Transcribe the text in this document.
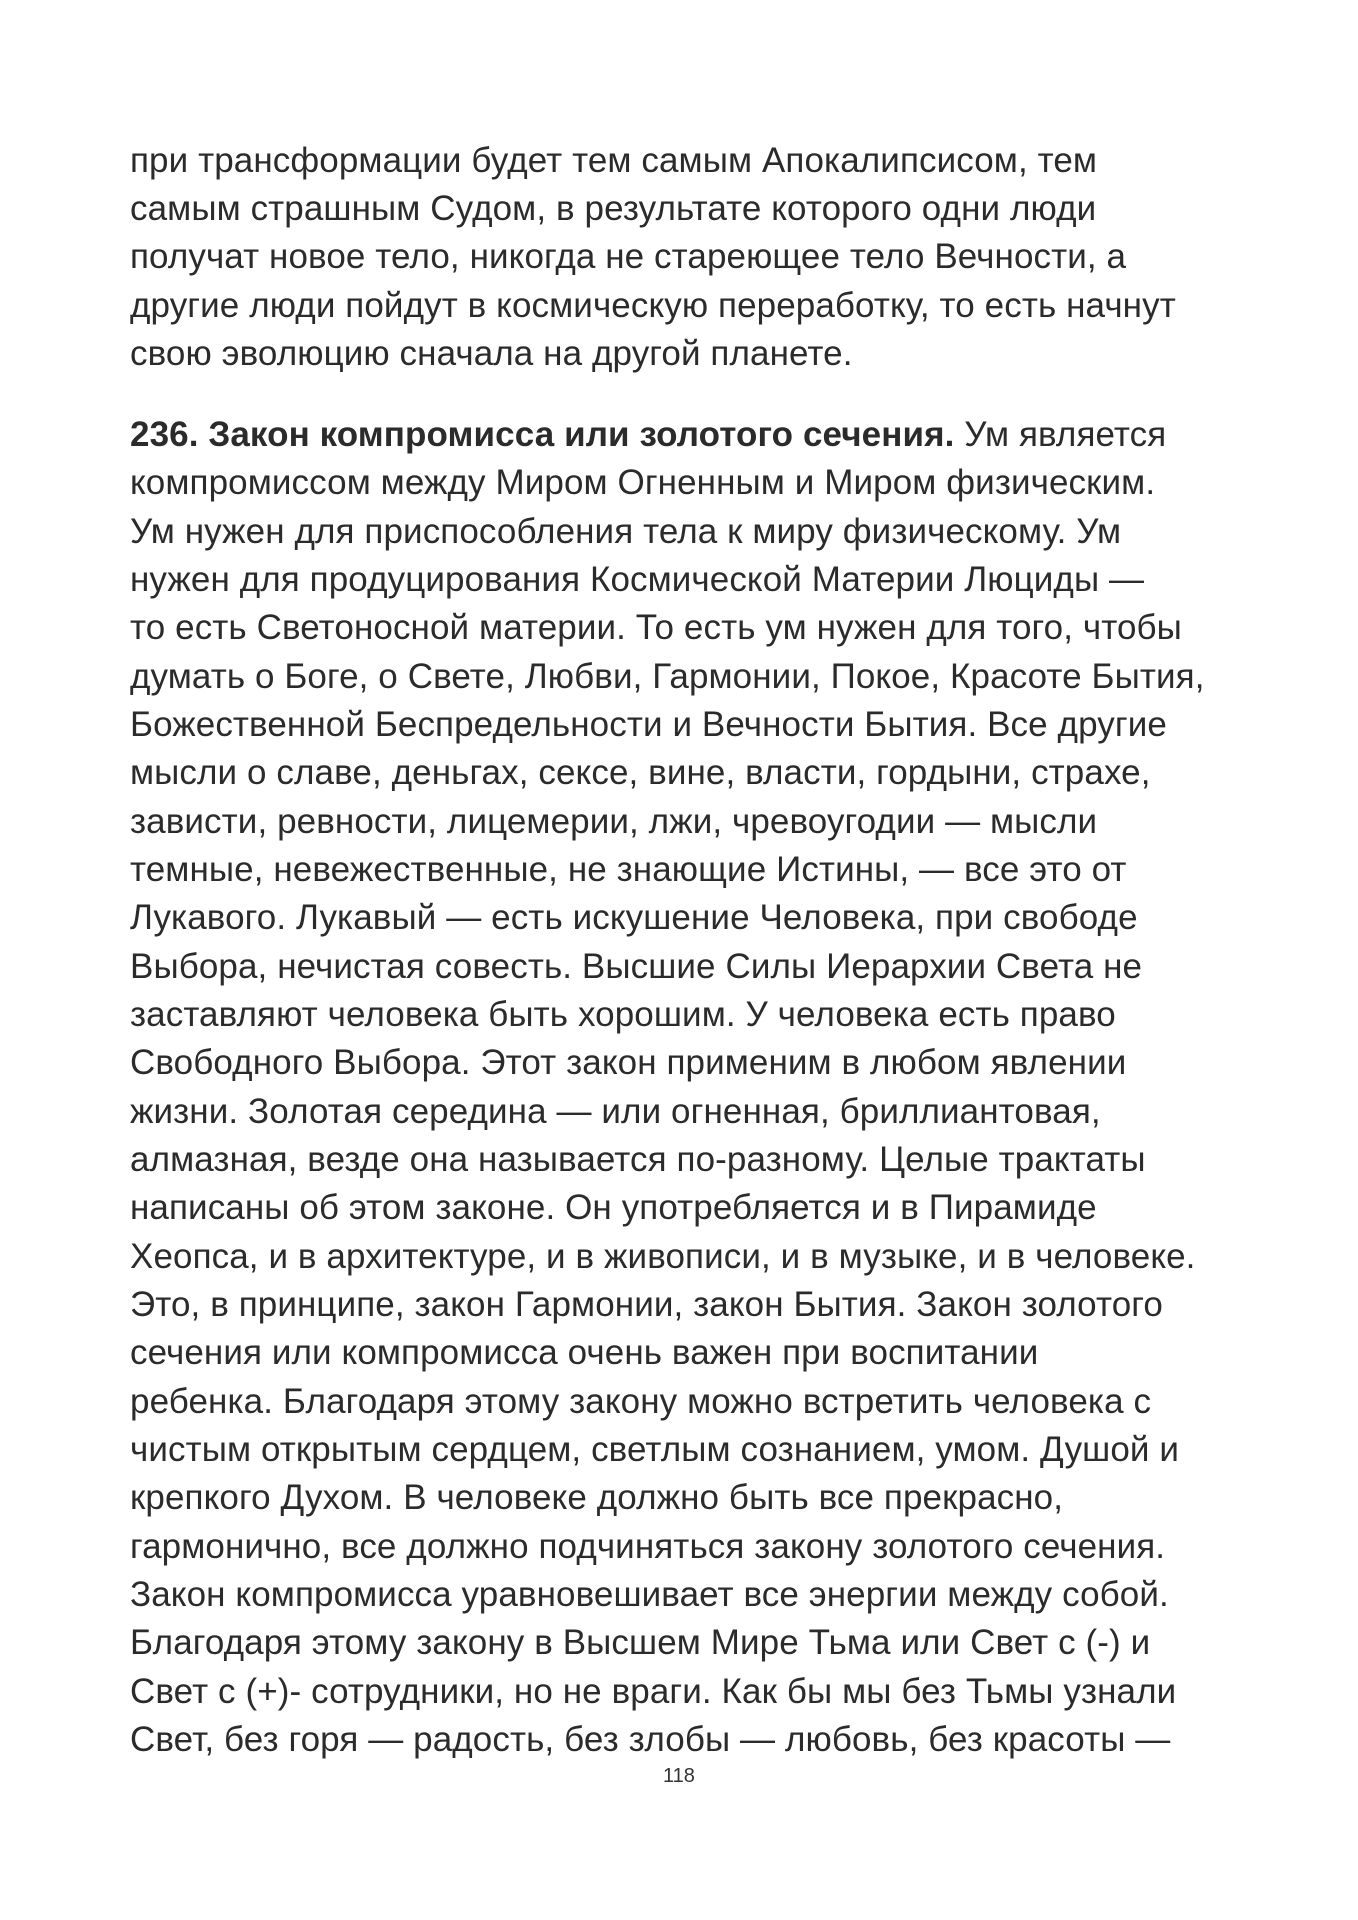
при трансформации будет тем самым Апокалипсисом, тем
самым страшным Судом, в результате которого одни люди
получат новое тело, никогда не стареющее тело Вечности, а
другие люди пойдут в космическую переработку, то есть начнут
свою эволюцию сначала на другой планете.
236. Закон компромисса или золотого сечения. Ум является
компромиссом между Миром Огненным и Миром физическим.
Ум нужен для приспособления тела к миру физическому. Ум
нужен для продуцирования Космической Материи Люциды —
то есть Светоносной материи. То есть ум нужен для того, чтобы
думать о Боге, о Свете, Любви, Гармонии, Покое, Красоте Бытия,
Божественной Беспредельности и Вечности Бытия. Все другие
мысли о славе, деньгах, сексе, вине, власти, гордыни, страхе,
зависти, ревности, лицемерии, лжи, чревоугодии — мысли
темные, невежественные, не знающие Истины, — все это от
Лукавого. Лукавый — есть искушение Человека, при свободе
Выбора, нечистая совесть. Высшие Силы Иерархии Света не
заставляют человека быть хорошим. У человека есть право
Свободного Выбора. Этот закон применим в любом явлении
жизни. Золотая середина — или огненная, бриллиантовая,
алмазная, везде она называется по-разному. Целые трактаты
написаны об этом законе. Он употребляется и в Пирамиде
Хеопса, и в архитектуре, и в живописи, и в музыке, и в человеке.
Это, в принципе, закон Гармонии, закон Бытия. Закон золотого
сечения или компромисса очень важен при воспитании
ребенка. Благодаря этому закону можно встретить человека с
чистым открытым сердцем, светлым сознанием, умом. Душой и
крепкого Духом. В человеке должно быть все прекрасно,
гармонично, все должно подчиняться закону золотого сечения.
Закон компромисса уравновешивает все энергии между собой.
Благодаря этому закону в Высшем Мире Тьма или Свет с (-) и
Свет с (+)- сотрудники, но не враги. Как бы мы без Тьмы узнали
Свет, без горя — радость, без злобы — любовь, без красоты —
118
